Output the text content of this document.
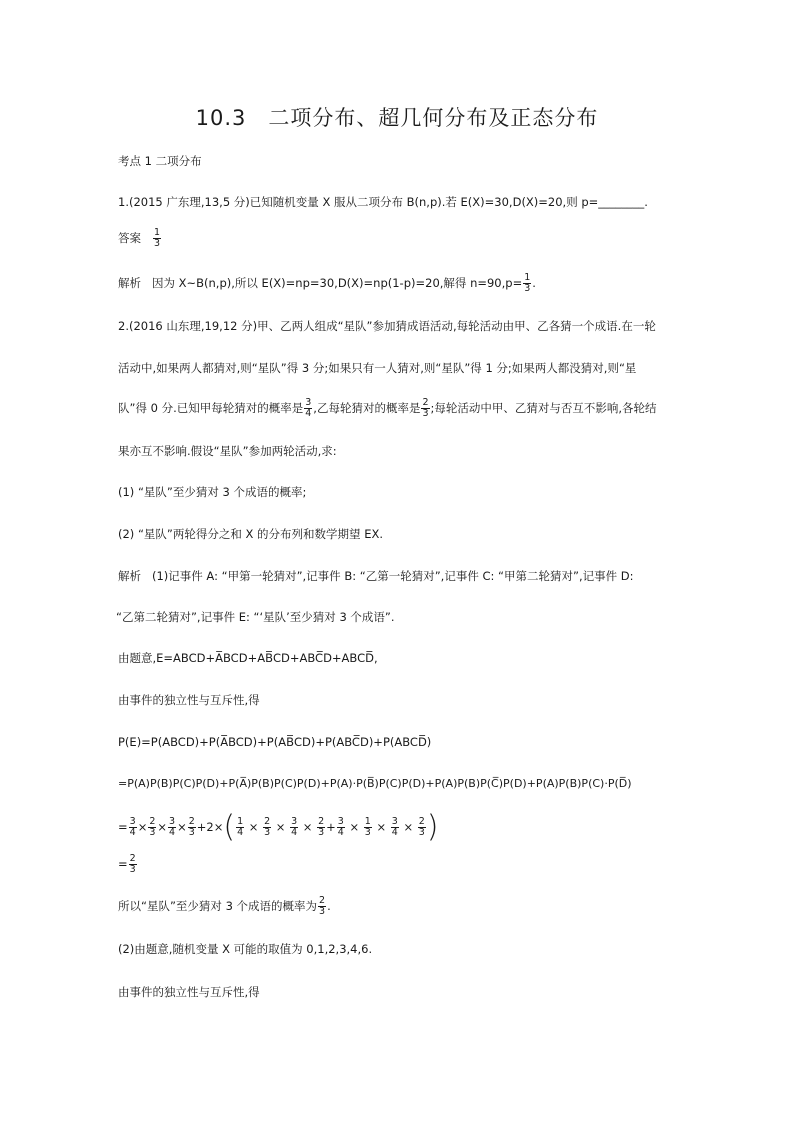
10.3　二项分布、超几何分布及正态分布
考点 1 二项分布
1.(2015 广东理,13,5 分)已知随机变量 X 服从二项分布 B(n,p).若 E(X)=30,D(X)=20,则 p=________.
答案 $\frac{1}{3}$
解析 因为 X~B(n,p),所以 E(X)=np=30,D(X)=np(1-p)=20,解得 $n=90,p= \frac{1}{3}$ .
2.(2016 山东理,19,12 分)甲、乙两人组成“星队”参加猜成语活动,每轮活动由甲、乙各猜一个成语.在一轮
活动中,如果两人都猜对,则“星队”得 3 分;如果只有一人猜对,则“星队”得 1 分;如果两人都没猜对,则“星
队”得 0 分.已知甲每轮猜对的概率是 $\frac{3}{4}$ ,乙每轮猜对的概率是 $\frac{2}{3}$ ;每轮活动中甲、乙猜对与否互不影响,各轮结
果亦互不影响.假设“星队”参加两轮活动,求:
(1) “星队”至少猜对 3 个成语的概率;
(2) “星队”两轮得分之和 X 的分布列和数学期望 EX.
解析 (1)记事件 A: “甲第一轮猜对”,记事件 B: “乙第一轮猜对”,记事件 C: “甲第二轮猜对”,记事件 D:
“乙第二轮猜对”,记事件 E: “‘星队’至少猜对 3 个成语”.
由题意,E=ABCD+A̅BCD+AB̅CD+ABC̅D+ABCD̅,
由事件的独立性与互斥性,得
P(E)=P(ABCD)+P(A̅BCD)+P(AB̅CD)+P(ABC̅D)+P(ABCD̅)
=P(A)P(B)P(C)P(D)+P(A̅)P(B)P(C)P(D)+P(A)·P(B̅)P(C)P(D)+P(A)P(B)P(C̅)P(D)+P(A)P(B)P(C)·P(D̅)
= $\frac{3}{4} \times \frac{2}{3} \times \frac{3}{4} \times \frac{2}{3} +2\times( \frac{1}{4} \times \frac{2}{3} \times \frac{3}{4} \times \frac{2}{3} + \frac{3}{4} \times \frac{1}{3} \times \frac{3}{4} \times \frac{2}{3}$ )
= $\frac{2}{3}$
所以“星队”至少猜对 3 个成语的概率为 $\frac{2}{3}$ .
(2)由题意,随机变量 X 可能的取值为 0,1,2,3,4,6.
由事件的独立性与互斥性,得
